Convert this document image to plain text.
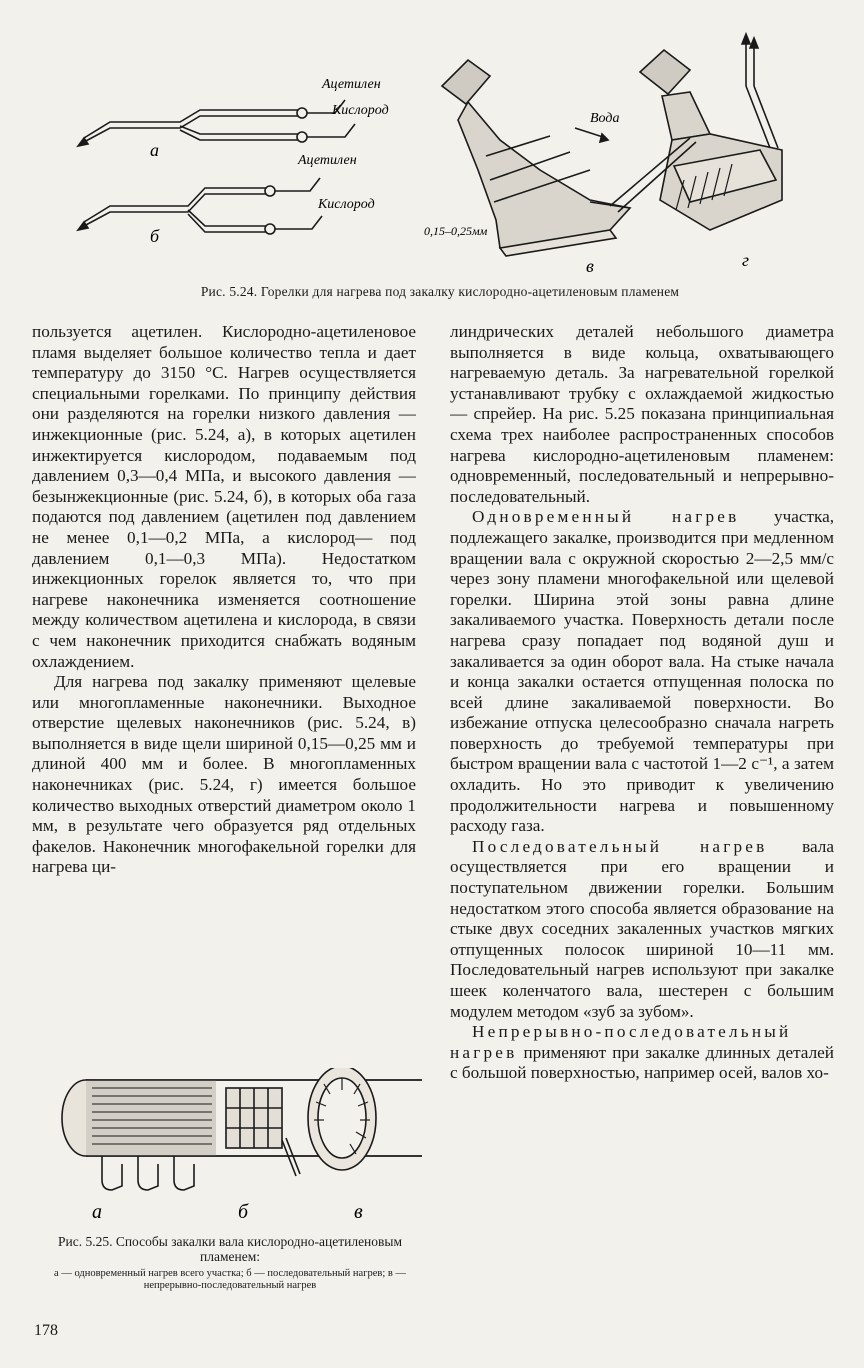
Ацетилен
Кислород
Ацетилен
Кислород
а
б
Вода
0,15–0,25мм
в	г
Рис. 5.24. Горелки для нагрева под закалку кислородно-ацетиленовым пламенем

пользуется ацетилен. Кислородно-ацетиленовое пламя выделяет большое количество тепла и дает температуру до 3150 °С. Нагрев осуществляется специальными горелками. По принципу действия они разделяются на горелки низкого давления — инжекционные (рис. 5.24, а), в которых ацетилен инжектируется кислородом, подаваемым под давлением 0,3—0,4 МПа, и высокого давления — безынжекционные (рис. 5.24, б), в которых оба газа подаются под давлением (ацетилен под давлением не менее 0,1—0,2 МПа, а кислород— под давлением 0,1—0,3 МПа). Недостатком инжекционных горелок является то, что при нагреве наконечника изменяется соотношение между количеством ацетилена и кислорода, в связи с чем наконечник приходится снабжать водяным охлаждением.

Для нагрева под закалку применяют щелевые или многопламенные наконечники. Выходное отверстие щелевых наконечников (рис. 5.24, в) выполняется в виде щели шириной 0,15—0,25 мм и длиной 400 мм и более. В многопламенных наконечниках (рис. 5.24, г) имеется большое количество выходных отверстий диаметром около 1 мм, в результате чего образуется ряд отдельных факелов. Наконечник многофакельной горелки для нагрева ци-

а	б	в
Рис. 5.25. Способы закалки вала кислородно-ацетиленовым пламенем:
а — одновременный нагрев всего участка; б — последовательный нагрев; в — непрерывно-последовательный нагрев

линдрических деталей небольшого диаметра выполняется в виде кольца, охватывающего нагреваемую деталь. За нагревательной горелкой устанавливают трубку с охлаждаемой жидкостью — спрейер. На рис. 5.25 показана принципиальная схема трех наиболее распространенных способов нагрева кислородно-ацетиленовым пламенем: одновременный, последовательный и непрерывно-последовательный.

Одновременный нагрев участка, подлежащего закалке, производится при медленном вращении вала с окружной скоростью 2—2,5 мм/с через зону пламени многофакельной или щелевой горелки. Ширина этой зоны равна длине закаливаемого участка. Поверхность детали после нагрева сразу попадает под водяной душ и закаливается за один оборот вала. На стыке начала и конца закалки остается отпущенная полоска по всей длине закаливаемой поверхности. Во избежание отпуска целесообразно сначала нагреть поверхность до требуемой температуры при быстром вращении вала с частотой 1—2 с⁻¹, а затем охладить. Но это приводит к увеличению продолжительности нагрева и повышенному расходу газа.

Последовательный нагрев вала осуществляется при его вращении и поступательном движении горелки. Большим недостатком этого способа является образование на стыке двух соседних закаленных участков мягких отпущенных полосок шириной 10—11 мм. Последовательный нагрев используют при закалке шеек коленчатого вала, шестерен с большим модулем методом «зуб за зубом».

Непрерывно-последовательный нагрев применяют при закалке длинных деталей с большой поверхностью, например осей, валов хо-

178
